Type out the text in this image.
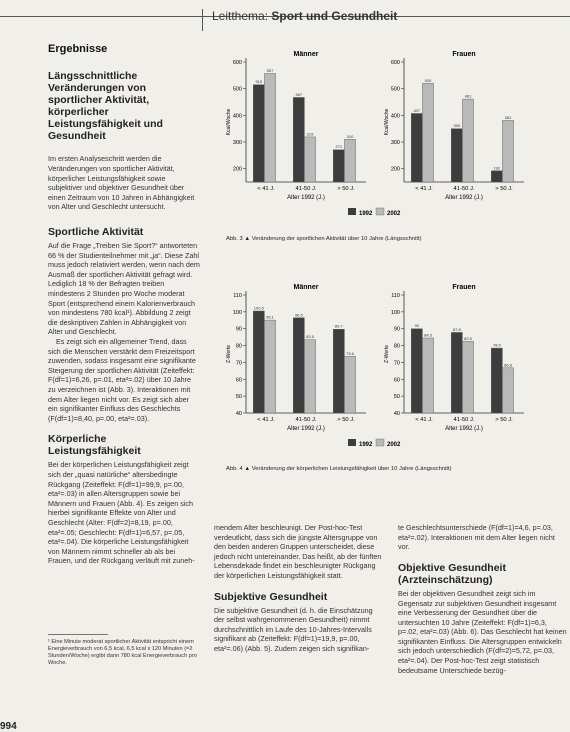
Leitthema: Sport und Gesundheit
Ergebnisse
Längsschnittliche Veränderungen von sportlicher Aktivität, körperlicher Leistungsfähigkeit und Gesundheit
Im ersten Analyseschritt werden die Veränderungen von sportlicher Aktivität, körperlicher Leistungsfähigkeit sowie subjektiver und objektiver Gesundheit über einen Zeitraum von 10 Jahren in Abhängigkeit von Alter und Geschlecht untersucht.
Sportliche Aktivität
Auf die Frage „Treiben Sie Sport?“ antworteten 66 % der Studienteilnehmer mit „ja“. Diese Zahl muss jedoch relativiert werden, wenn nach dem Ausmaß der sportlichen Aktivität gefragt wird. Lediglich 18 % der Befragten treiben mindestens 2 Stunden pro Woche moderat Sport (entsprechend einem Kalorienverbrauch von mindestens 780 kcal¹). Abbildung 2 zeigt die deskriptiven Zahlen in Abhängigkeit von Alter und Geschlecht.
Es zeigt sich ein allgemeiner Trend, dass sich die Menschen verstärkt dem Freizeitsport zuwenden, sodass insgesamt eine signifikante Steigerung der sportlichen Aktivität (Zeiteffekt: F(df=1)=6,26, p=.01, eta²=.02) über 10 Jahre zu verzeichnen ist (Abb. 3). Interaktionen mit dem Alter liegen nicht vor. Es zeigt sich aber ein signifikanter Einfluss des Geschlechts (F(df=1)=8,40, p=.00, eta²=.03).
Körperliche Leistungsfähigkeit
Bei der körperlichen Leistungsfähigkeit zeigt sich der „quasi natürliche“ altersbedingte Rückgang (Zeiteffekt: F(df=1)=99,9, p=.00, eta²=.03) in allen Altersgruppen sowie bei Männern und Frauen (Abb. 4). Es zeigen sich hierbei signifikante Effekte von Alter und Geschlecht (Alter: F(df=2)=8,19, p=.00, eta²=.05; Geschlecht: F(df=1)=6,57, p=.05, eta²=.04). Die körperliche Leistungsfähigkeit von Männern nimmt schneller ab als bei Frauen, und der Rückgang verläuft mit zuneh-
¹ Eine Minute moderat sportlicher Aktivität entspricht einem Energieverbrauch von 6,5 kcal, 6,5 kcal x 120 Minuten (=2 Stunden/Woche) ergibt dann 780 kcal Energieverbrauch pro Woche.
994
Männer
200
300
400
500
600
Kcal/Woche
515
557
< 41 J.
467
319
41-50 J.
271
310
> 50 J.
Alter 1992 (J.)
Frauen
200
300
400
500
600
Kcal/Woche	407
520
< 41 J.
350
461
41-50 J.
192
381
> 50 J.
Alter 1992 (J.)
1992 2002
Abb. 3 ▲ Veränderung der sportlichen Aktivität über 10 Jahre (Längsschnitt)
Männer
40
50
60
70
80
90
100
110
Z-Werte
100.5
95.1
< 41 J.
96.5
83.5
41-50 J.
89.7
73.6
> 50 J.
Alter 1992 (J.)
Frauen
40
50
60
70
80
90
100
110
Z-Werte
90
84.5
< 41 J.
87.8
82.5
41-50 J.
78.5
66.8
> 50 J.
Alter 1992 (J.)
1992 2002
Abb. 4 ▲ Veränderung der körperlichen Leistungsfähigkeit über 10 Jahre (Längsschnitt)
mendem Alter beschleunigt. Der Post-hoc-Test verdeutlicht, dass sich die jüngste Altersgruppe von den beiden anderen Gruppen unterscheidet, diese jedoch nicht untereinander. Das heißt, ab der fünften Lebensdekade findet ein beschleunigter Rückgang der körperlichen Leistungsfähigkeit statt.
Subjektive Gesundheit
Die subjektive Gesundheit (d. h. die Einschätzung der selbst wahrgenommenen Gesundheit) nimmt durchschnittlich im Laufe des 10-Jahres-Intervalls signifikant ab (Zeiteffekt: F(df=1)=19,9, p=.00, eta²=.06) (Abb. 5). Zudem zeigen sich signifikan-
te Geschlechtsunterschiede (F(df=1)=4,6, p=.03, eta²=.02). Interaktionen mit dem Alter liegen nicht vor.
Objektive Gesundheit (Arzteinschätzung)
Bei der objektiven Gesundheit zeigt sich im Gegensatz zur subjektiven Gesundheit insgesamt eine Verbesserung der Gesundheit über die untersuchten 10 Jahre (Zeiteffekt: F(df=1)=6,3, p=.02, eta²=.03) (Abb. 6). Das Geschlecht hat keinen signifikanten Einfluss. Die Altersgruppen entwickeln sich jedoch unterschiedlich (F(df=2)=5,72, p=.03, eta²=.04). Der Post-hoc-Test zeigt statistisch bedeutsame Unterschiede bezüg-
